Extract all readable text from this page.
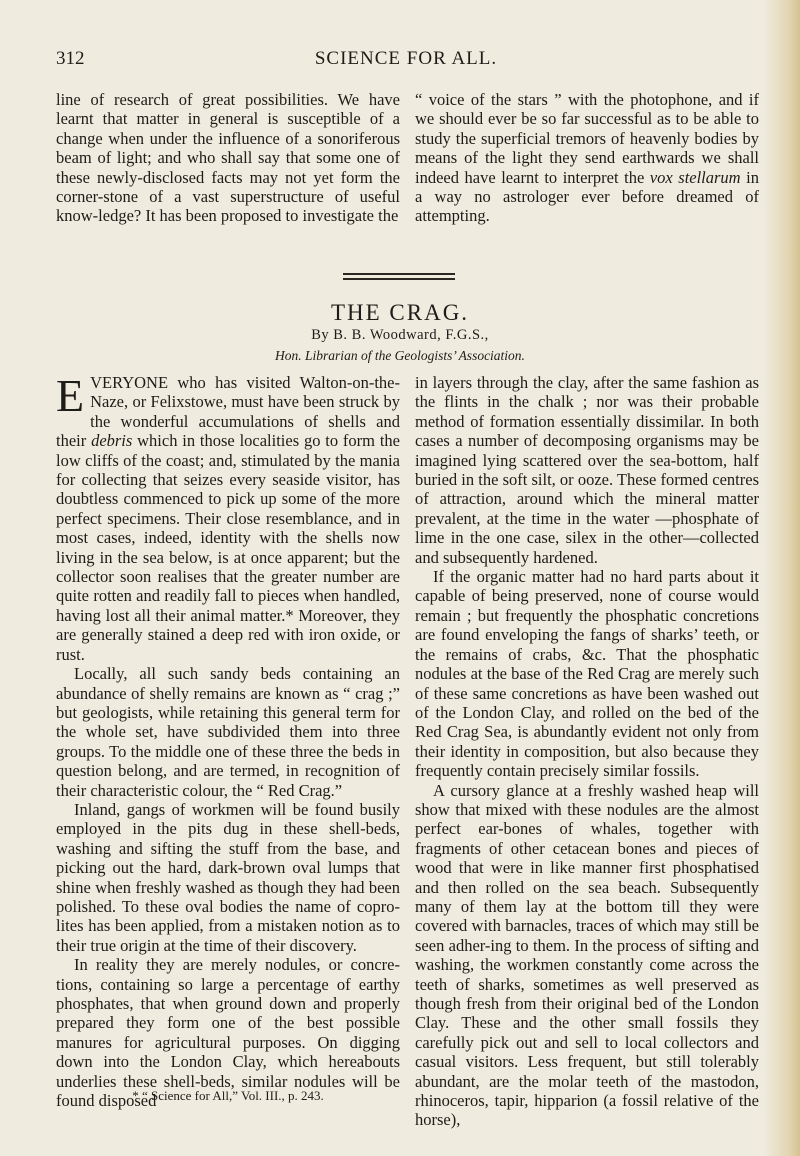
312	SCIENCE FOR ALL.

line of research of great possibilities. We have learnt that matter in general is susceptible of a change when under the influence of a sonoriferous beam of light; and who shall say that some one of these newly-disclosed facts may not yet form the corner-stone of a vast superstructure of useful know-ledge? It has been proposed to investigate the

“ voice of the stars ” with the photophone, and if we should ever be so far successful as to be able to study the superficial tremors of heavenly bodies by means of the light they send earthwards we shall indeed have learnt to interpret the vox stellarum in a way no astrologer ever before dreamed of attempting.

THE CRAG.
By B. B. Woodward, F.G.S.,
Hon. Librarian of the Geologists’ Association.

EVERYONE who has visited Walton-on-the-Naze, or Felixstowe, must have been struck by the wonderful accumulations of shells and their debris which in those localities go to form the low cliffs of the coast; and, stimulated by the mania for collecting that seizes every seaside visitor, has doubtless commenced to pick up some of the more perfect specimens. Their close resemblance, and in most cases, indeed, identity with the shells now living in the sea below, is at once apparent; but the collector soon realises that the greater number are quite rotten and readily fall to pieces when handled, having lost all their animal matter.* Moreover, they are generally stained a deep red with iron oxide, or rust.

Locally, all such sandy beds containing an abundance of shelly remains are known as “ crag ;” but geologists, while retaining this general term for the whole set, have subdivided them into three groups. To the middle one of these three the beds in question belong, and are termed, in recognition of their characteristic colour, the “ Red Crag.”

Inland, gangs of workmen will be found busily employed in the pits dug in these shell-beds, washing and sifting the stuff from the base, and picking out the hard, dark-brown oval lumps that shine when freshly washed as though they had been polished. To these oval bodies the name of copro-lites has been applied, from a mistaken notion as to their true origin at the time of their discovery.

In reality they are merely nodules, or concre-tions, containing so large a percentage of earthy phosphates, that when ground down and properly prepared they form one of the best possible manures for agricultural purposes. On digging down into the London Clay, which hereabouts underlies these shell-beds, similar nodules will be found disposed

in layers through the clay, after the same fashion as the flints in the chalk ; nor was their probable method of formation essentially dissimilar. In both cases a number of decomposing organisms may be imagined lying scattered over the sea-bottom, half buried in the soft silt, or ooze. These formed centres of attraction, around which the mineral matter prevalent, at the time in the water —phosphate of lime in the one case, silex in the other—collected and subsequently hardened.

If the organic matter had no hard parts about it capable of being preserved, none of course would remain ; but frequently the phosphatic concretions are found enveloping the fangs of sharks’ teeth, or the remains of crabs, &c. That the phosphatic nodules at the base of the Red Crag are merely such of these same concretions as have been washed out of the London Clay, and rolled on the bed of the Red Crag Sea, is abundantly evident not only from their identity in composition, but also because they frequently contain precisely similar fossils.

A cursory glance at a freshly washed heap will show that mixed with these nodules are the almost perfect ear-bones of whales, together with fragments of other cetacean bones and pieces of wood that were in like manner first phosphatised and then rolled on the sea beach. Subsequently many of them lay at the bottom till they were covered with barnacles, traces of which may still be seen adher-ing to them. In the process of sifting and washing, the workmen constantly come across the teeth of sharks, sometimes as well preserved as though fresh from their original bed of the London Clay. These and the other small fossils they carefully pick out and sell to local collectors and casual visitors. Less frequent, but still tolerably abundant, are the molar teeth of the mastodon, rhinoceros, tapir, hipparion (a fossil relative of the horse),

* “ Science for All,” Vol. III., p. 243.
